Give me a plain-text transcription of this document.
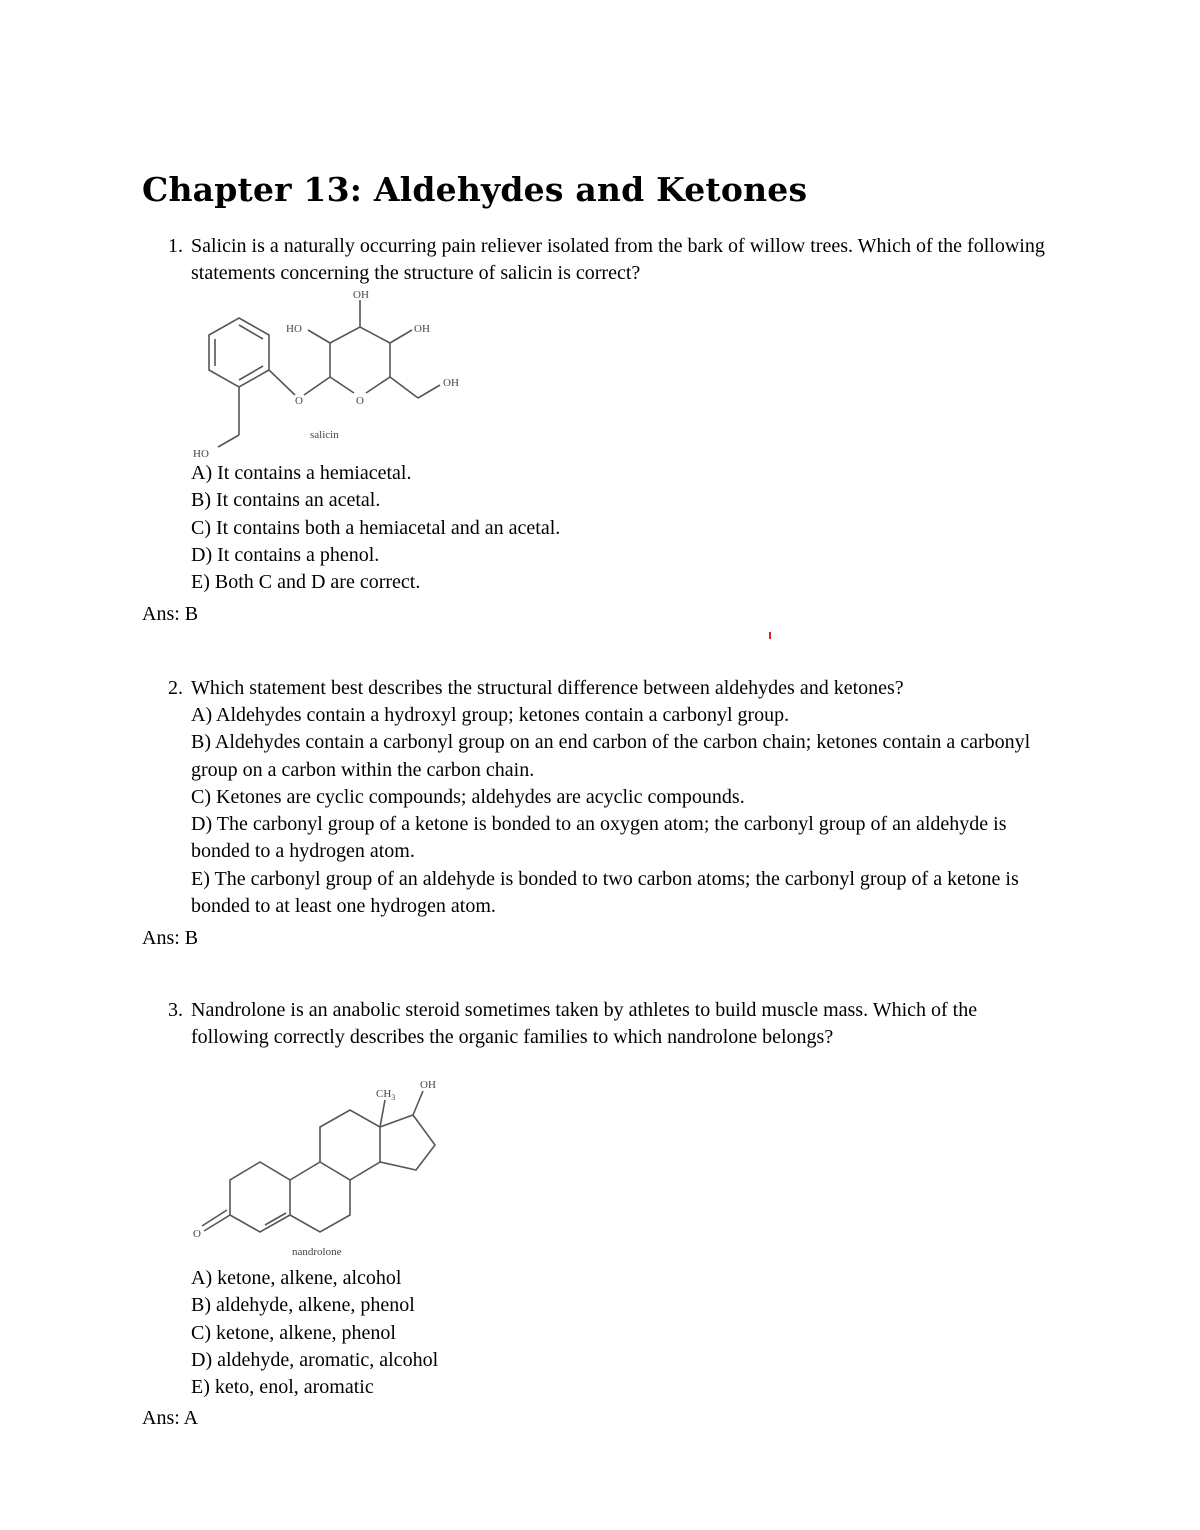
Chapter 13: Aldehydes and Ketones
1. Salicin is a naturally occurring pain reliever isolated from the bark of willow trees. Which of the following statements concerning the structure of salicin is correct?
OH
HO	OH
OH
O	O
HO
salicin
A) It contains a hemiacetal.
B) It contains an acetal.
C) It contains both a hemiacetal and an acetal.
D) It contains a phenol.
E) Both C and D are correct.
Ans: B
2. Which statement best describes the structural difference between aldehydes and ketones?
A) Aldehydes contain a hydroxyl group; ketones contain a carbonyl group.
B) Aldehydes contain a carbonyl group on an end carbon of the carbon chain; ketones contain a carbonyl group on a carbon within the carbon chain.
C) Ketones are cyclic compounds; aldehydes are acyclic compounds.
D) The carbonyl group of a ketone is bonded to an oxygen atom; the carbonyl group of an aldehyde is bonded to a hydrogen atom.
E) The carbonyl group of an aldehyde is bonded to two carbon atoms; the carbonyl group of a ketone is bonded to at least one hydrogen atom.
Ans: B
3. Nandrolone is an anabolic steroid sometimes taken by athletes to build muscle mass. Which of the following correctly describes the organic families to which nandrolone belongs?
$CH_3$
OH
O
nandrolone
A) ketone, alkene, alcohol
B) aldehyde, alkene, phenol
C) ketone, alkene, phenol
D) aldehyde, aromatic, alcohol
E) keto, enol, aromatic
Ans: A
